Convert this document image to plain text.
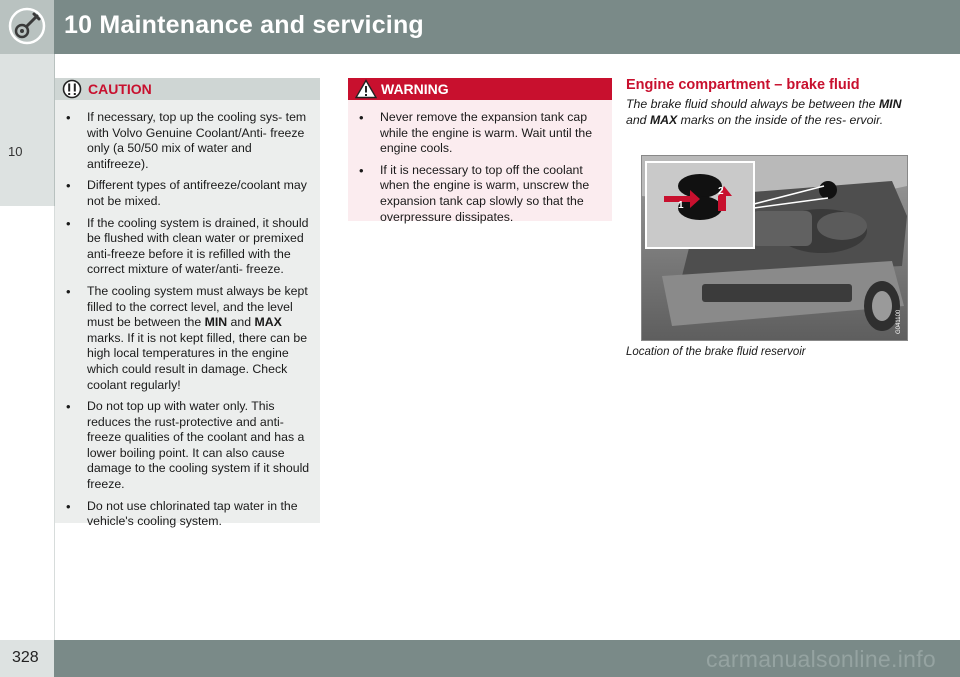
10 Maintenance and servicing
10
CAUTION
• If necessary, top up the cooling sys- tem with Volvo Genuine Coolant/Anti- freeze only (a 50/50 mix of water and antifreeze).
• Different types of antifreeze/coolant may not be mixed.
• If the cooling system is drained, it should be flushed with clean water or premixed anti-freeze before it is refilled with the correct mixture of water/anti- freeze.
• The cooling system must always be kept filled to the correct level, and the level must be between the MIN and MAX marks. If it is not kept filled, there can be high local temperatures in the engine which could result in damage. Check coolant regularly!
• Do not top up with water only. This reduces the rust-protective and anti- freeze qualities of the coolant and has a lower boiling point. It can also cause damage to the cooling system if it should freeze.
• Do not use chlorinated tap water in the vehicle's cooling system.
WARNING
• Never remove the expansion tank cap while the engine is warm. Wait until the engine cools.
• If it is necessary to top off the coolant when the engine is warm, unscrew the expansion tank cap slowly so that the overpressure dissipates.
Engine compartment – brake fluid
The brake fluid should always be between the MIN and MAX marks on the inside of the res- ervoir.
1
2
G041100
Location of the brake fluid reservoir
328	carmanualsonline.info
